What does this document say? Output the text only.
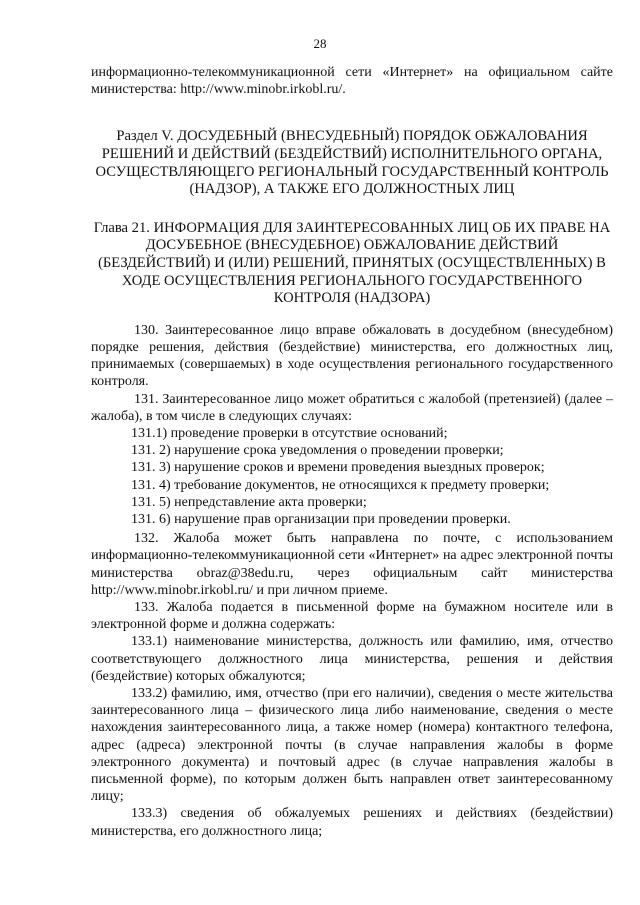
28

информационно-телекоммуникационной сети «Интернет» на официальном сайте министерства: http://www.minobr.irkobl.ru/.

Раздел V. ДОСУДЕБНЫЙ (ВНЕСУДЕБНЫЙ) ПОРЯДОК ОБЖАЛОВАНИЯ РЕШЕНИЙ И ДЕЙСТВИЙ (БЕЗДЕЙСТВИЙ) ИСПОЛНИТЕЛЬНОГО ОРГАНА, ОСУЩЕСТВЛЯЮЩЕГО РЕГИОНАЛЬНЫЙ ГОСУДАРСТВЕННЫЙ КОНТРОЛЬ (НАДЗОР), А ТАКЖЕ ЕГО ДОЛЖНОСТНЫХ ЛИЦ
Глава 21. ИНФОРМАЦИЯ ДЛЯ ЗАИНТЕРЕСОВАННЫХ ЛИЦ ОБ ИХ ПРАВЕ НА ДОСУБЕБНОЕ (ВНЕСУДЕБНОЕ) ОБЖАЛОВАНИЕ ДЕЙСТВИЙ (БЕЗДЕЙСТВИЙ) И (ИЛИ) РЕШЕНИЙ, ПРИНЯТЫХ (ОСУЩЕСТВЛЕННЫХ) В ХОДЕ ОСУЩЕСТВЛЕНИЯ РЕГИОНАЛЬНОГО ГОСУДАРСТВЕННОГО КОНТРОЛЯ (НАДЗОРА)

130. Заинтересованное лицо вправе обжаловать в досудебном (внесудебном) порядке решения, действия (бездействие) министерства, его должностных лиц, принимаемых (совершаемых) в ходе осуществления регионального государственного контроля.

131. Заинтересованное лицо может обратиться с жалобой (претензией) (далее – жалоба), в том числе в следующих случаях:

131.1) проведение проверки в отсутствие оснований;

131. 2) нарушение срока уведомления о проведении проверки;

131. 3) нарушение сроков и времени проведения выездных проверок;

131. 4) требование документов, не относящихся к предмету проверки;

131. 5) непредставление акта проверки;

131. 6) нарушение прав организации при проведении проверки.

132. Жалоба может быть направлена по почте, с использованием информационно-телекоммуникационной сети «Интернет» на адрес электронной почты министерства obraz@38edu.ru, через официальным сайт министерства http://www.minobr.irkobl.ru/ и при личном приеме.

133. Жалоба подается в письменной форме на бумажном носителе или в электронной форме и должна содержать:

133.1) наименование министерства, должность или фамилию, имя, отчество соответствующего должностного лица министерства, решения и действия (бездействие) которых обжалуются;

133.2) фамилию, имя, отчество (при его наличии), сведения о месте жительства заинтересованного лица – физического лица либо наименование, сведения о месте нахождения заинтересованного лица, а также номер (номера) контактного телефона, адрес (адреса) электронной почты (в случае направления жалобы в форме электронного документа) и почтовый адрес (в случае направления жалобы в письменной форме), по которым должен быть направлен ответ заинтересованному лицу;

133.3) сведения об обжалуемых решениях и действиях (бездействии) министерства, его должностного лица;
